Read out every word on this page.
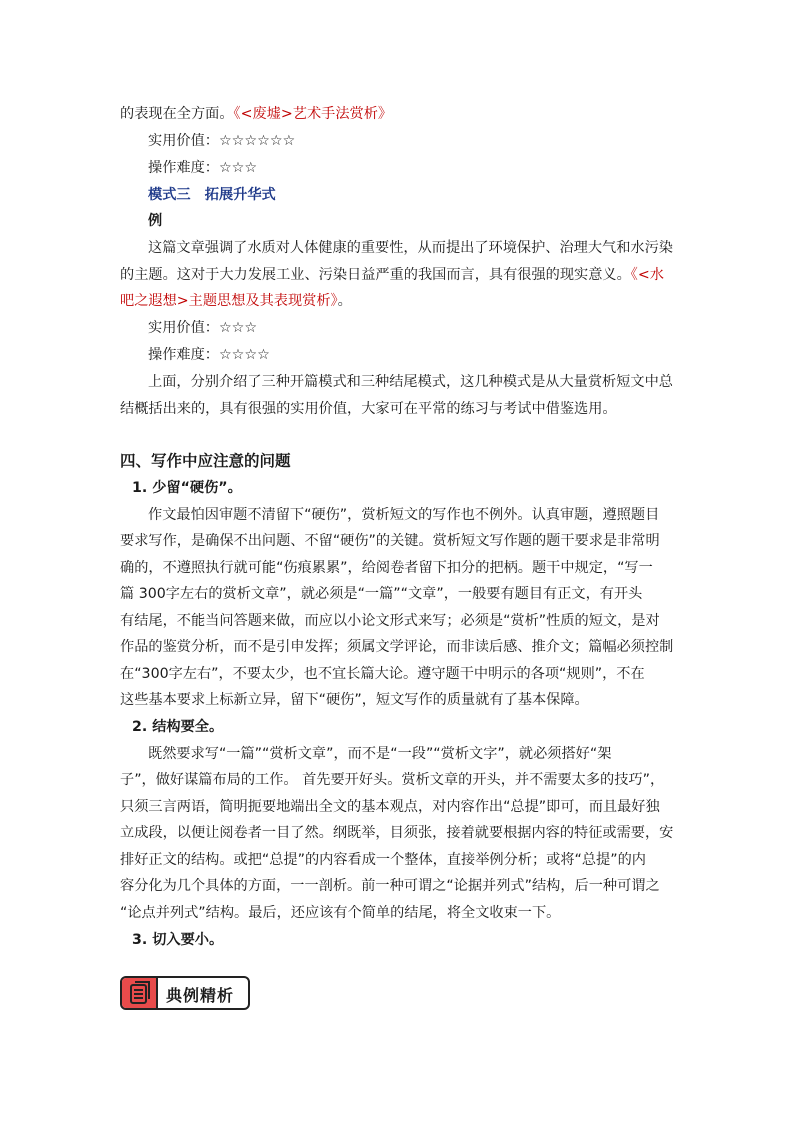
的表现在全方面。《<废墟>艺术手法赏析》
实用价值：☆☆☆☆☆☆
操作难度：☆☆☆
模式三　拓展升华式
例
这篇文章强调了水质对人体健康的重要性，从而提出了环境保护、治理大气和水污染
的主题。这对于大力发展工业、污染日益严重的我国而言，具有很强的现实意义。《<水
吧之遐想>主题思想及其表现赏析》。
实用价值：☆☆☆
操作难度：☆☆☆☆
上面，分别介绍了三种开篇模式和三种结尾模式，这几种模式是从大量赏析短文中总
结概括出来的，具有很强的实用价值，大家可在平常的练习与考试中借鉴选用。
四、写作中应注意的问题
1. 少留“硬伤”。
作文最怕因审题不清留下“硬伤”，赏析短文的写作也不例外。认真审题，遵照题目
要求写作，是确保不出问题、不留“硬伤”的关键。赏析短文写作题的题干要求是非常明
确的，不遵照执行就可能“伤痕累累”，给阅卷者留下扣分的把柄。题干中规定，“写一
篇 300字左右的赏析文章”，就必须是“一篇”“文章”，一般要有题目有正文，有开头
有结尾，不能当问答题来做，而应以小论文形式来写；必须是“赏析”性质的短文，是对
作品的鉴赏分析，而不是引申发挥；须属文学评论，而非读后感、推介文；篇幅必须控制
在“300字左右”，不要太少，也不宜长篇大论。遵守题干中明示的各项“规则”，不在
这些基本要求上标新立异，留下“硬伤”，短文写作的质量就有了基本保障。
2. 结构要全。
既然要求写“一篇”“赏析文章”，而不是“一段”“赏析文字”，就必须搭好“架
子”，做好谋篇布局的工作。 首先要开好头。赏析文章的开头，并不需要太多的技巧”，
只须三言两语，简明扼要地端出全文的基本观点，对内容作出“总提”即可，而且最好独
立成段，以便让阅卷者一目了然。纲既举，目须张，接着就要根据内容的特征或需要，安
排好正文的结构。或把“总提”的内容看成一个整体，直接举例分析；或将“总提”的内
容分化为几个具体的方面，一一剖析。前一种可谓之“论据并列式”结构，后一种可谓之
“论点并列式”结构。最后，还应该有个简单的结尾，将全文收束一下。
3. 切入要小。
典例精析
